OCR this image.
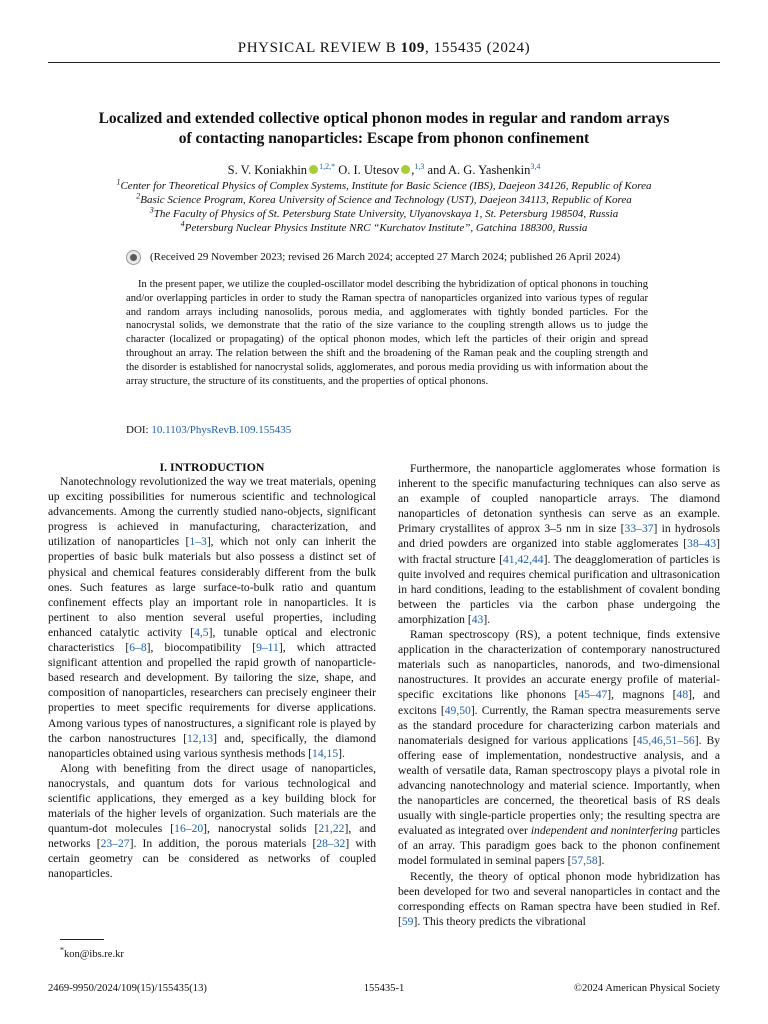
PHYSICAL REVIEW B 109, 155435 (2024)
Localized and extended collective optical phonon modes in regular and random arrays
of contacting nanoparticles: Escape from phonon confinement
S. V. Koniakhin $^{1,2,*}$ O. I. Utesov ,$^{1,3}$ and A. G. Yashenkin$^{3,4}$
$^1$Center for Theoretical Physics of Complex Systems, Institute for Basic Science (IBS), Daejeon 34126, Republic of Korea
$^2$Basic Science Program, Korea University of Science and Technology (UST), Daejeon 34113, Republic of Korea
$^3$The Faculty of Physics of St. Petersburg State University, Ulyanovskaya 1, St. Petersburg 198504, Russia
$^4$Petersburg Nuclear Physics Institute NRC “Kurchatov Institute”, Gatchina 188300, Russia
(Received 29 November 2023; revised 26 March 2024; accepted 27 March 2024; published 26 April 2024)
In the present paper, we utilize the coupled-oscillator model describing the hybridization of optical phonons in touching and/or overlapping particles in order to study the Raman spectra of nanoparticles organized into various types of regular and random arrays including nanosolids, porous media, and agglomerates with tightly bonded particles. For the nanocrystal solids, we demonstrate that the ratio of the size variance to the coupling strength allows us to judge the character (localized or propagating) of the optical phonon modes, which left the particles of their origin and spread throughout an array. The relation between the shift and the broadening of the Raman peak and the coupling strength and the disorder is established for nanocrystal solids, agglomerates, and porous media providing us with information about the array structure, the structure of its constituents, and the properties of optical phonons.
DOI: 10.1103/PhysRevB.109.155435
I. INTRODUCTION

Nanotechnology revolutionized the way we treat materials, opening up exciting possibilities for numerous scientific and technological advancements. Among the currently studied nano-objects, significant progress is achieved in manufacturing, characterization, and utilization of nanoparticles [1–3], which not only can inherit the properties of basic bulk materials but also possess a distinct set of physical and chemical features considerably different from the bulk ones. Such features as large surface-to-bulk ratio and quantum confinement effects play an important role in nanoparticles. It is pertinent to also mention several useful properties, including enhanced catalytic activity [4,5], tunable optical and electronic characteristics [6–8], biocompatibility [9–11], which attracted significant attention and propelled the rapid growth of nanoparticle-based research and development. By tailoring the size, shape, and composition of nanoparticles, researchers can precisely engineer their properties to meet specific requirements for diverse applications. Among various types of nanostructures, a significant role is played by the carbon nanostructures [12,13] and, specifically, the diamond nanoparticles obtained using various synthesis methods [14,15].

Along with benefiting from the direct usage of nanoparticles, nanocrystals, and quantum dots for various technological and scientific applications, they emerged as a key building block for materials of the higher levels of organization. Such materials are the quantum-dot molecules [16–20], nanocrystal solids [21,22], and networks [23–27]. In addition, the porous materials [28–32] with certain geometry can be considered as networks of coupled nanoparticles.

Furthermore, the nanoparticle agglomerates whose formation is inherent to the specific manufacturing techniques can also serve as an example of coupled nanoparticle arrays. The diamond nanoparticles of detonation synthesis can serve as an example. Primary crystallites of approx 3–5 nm in size [33–37] in hydrosols and dried powders are organized into stable agglomerates [38–43] with fractal structure [41,42,44]. The deagglomeration of particles is quite involved and requires chemical purification and ultrasonication in hard conditions, leading to the establishment of covalent bonding between the particles via the carbon phase undergoing the amorphization [43].

Raman spectroscopy (RS), a potent technique, finds extensive application in the characterization of contemporary nanostructured materials such as nanoparticles, nanorods, and two-dimensional nanostructures. It provides an accurate energy profile of material-specific excitations like phonons [45–47], magnons [48], and excitons [49,50]. Currently, the Raman spectra measurements serve as the standard procedure for characterizing carbon materials and nanomaterials designed for various applications [45,46,51–56]. By offering ease of implementation, nondestructive analysis, and a wealth of versatile data, Raman spectroscopy plays a pivotal role in advancing nanotechnology and material science. Importantly, when the nanoparticles are concerned, the theoretical basis of RS deals usually with single-particle properties only; the resulting spectra are evaluated as integrated over independent and noninterfering particles of an array. This paradigm goes back to the phonon confinement model formulated in seminal papers [57,58].

Recently, the theory of optical phonon mode hybridization has been developed for two and several nanoparticles in contact and the corresponding effects on Raman spectra have been studied in Ref. [59]. This theory predicts the vibrational

*kon@ibs.re.kr
155435-1
2469-9950/2024/109(15)/155435(13)	©2024 American Physical Society
